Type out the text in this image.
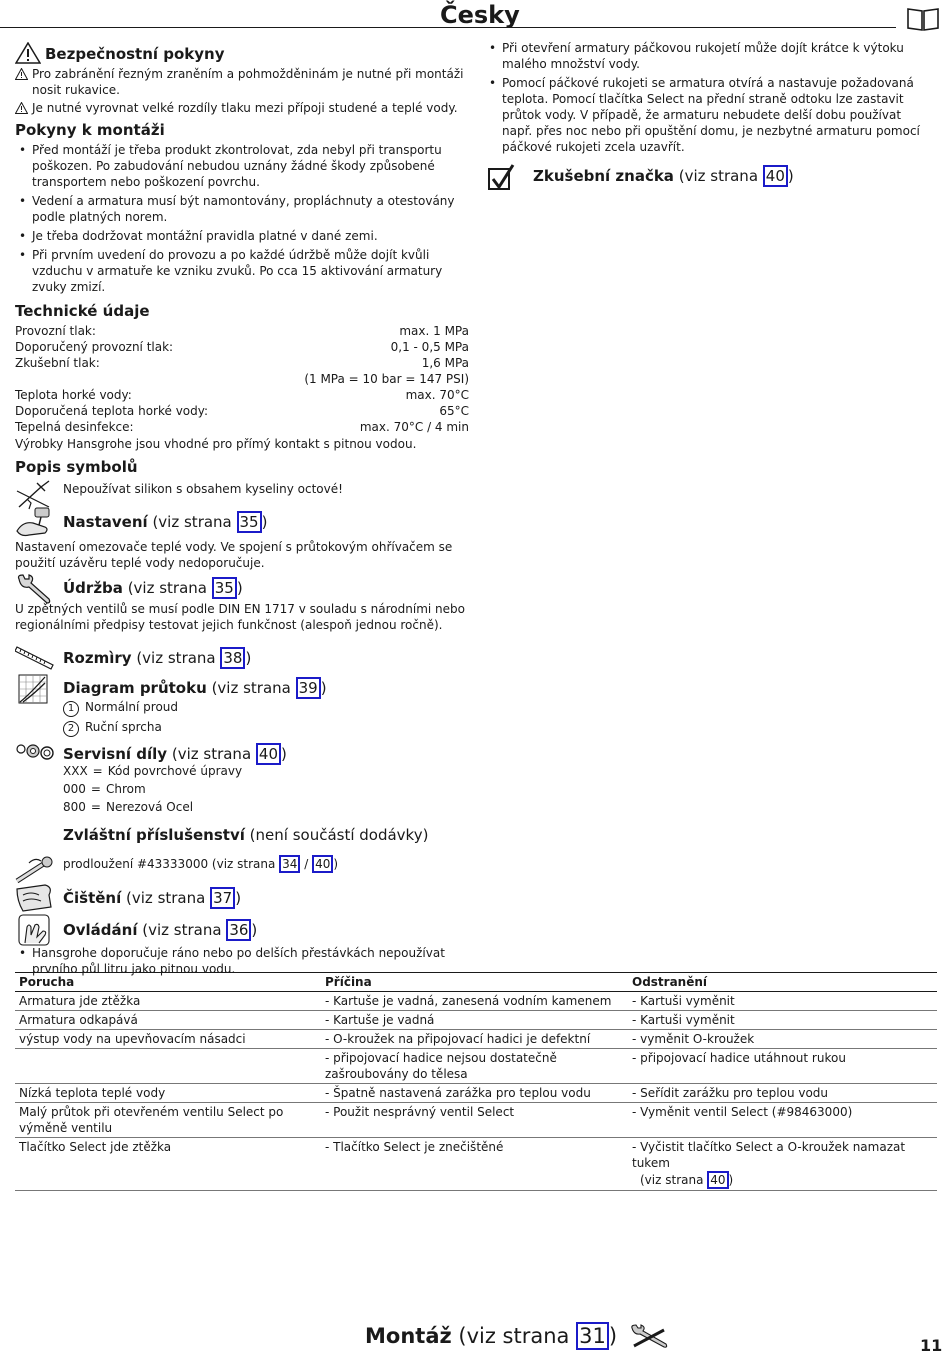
Česky
Bezpečnostní pokyny
Pro zabránění řezným zraněním a pohmožděninám je nutné při montáži nosit rukavice.
Je nutné vyrovnat velké rozdíly tlaku mezi přípoji studené a teplé vody.
Pokyny k montáži
• Před montáží je třeba produkt zkontrolovat, zda nebyl při transportu poškozen. Po zabudování nebudou uznány žádné škody způsobené transportem nebo poškození povrchu.
• Vedení a armatura musí být namontovány, propláchnuty a otestovány podle platných norem.
• Je třeba dodržovat montážní pravidla platné v dané zemi.
• Při prvním uvedení do provozu a po každé údržbě může dojít kvůli vzduchu v armatuře ke vzniku zvuků. Po cca 15 aktivování armatury zvuky zmizí.
Technické údaje
Provozní tlak:	max. 1 MPa
Doporučený provozní tlak:	0,1 - 0,5 MPa
Zkušební tlak:	1,6 MPa
(1 MPa = 10 bar = 147 PSI)
Teplota horké vody:	max. 70°C
Doporučená teplota horké vody:	65°C
Tepelná desinfekce:	max. 70°C / 4 min
Výrobky Hansgrohe jsou vhodné pro přímý kontakt s pitnou vodou.
Popis symbolů
Nepoužívat silikon s obsahem kyseliny octové!
Nastavení (viz strana 35 )
Nastavení omezovače teplé vody. Ve spojení s průtokovým ohřívačem se použití uzávěru teplé vody nedoporučuje.
Údržba (viz strana 35 )
U zpětných ventilů se musí podle DIN EN 1717 v souladu s národními nebo regionálními předpisy testovat jejich funkčnost (alespoň jednou ročně).
Rozmìry (viz strana 38 )
Diagram průtoku (viz strana 39 )
1 Normální proud
2 Ruční sprcha
Servisní díly (viz strana 40 )
XXX = Kód povrchové úpravy
000 = Chrom
800 = Nerezová Ocel
Zvláštní příslušenství (není součástí dodávky)
prodloužení #43333000 (viz strana 34 / 40 )
Čištění (viz strana 37 )
Ovládání (viz strana 36 )
• Hansgrohe doporučuje ráno nebo po delších přestávkách nepoužívat prvního půl litru jako pitnou vodu.
• Při otevření armatury páčkovou rukojetí může dojít krátce k výtoku malého množství vody.
• Pomocí páčkové rukojeti se armatura otvírá a nastavuje požadovaná teplota. Pomocí tlačítka Select na přední straně odtoku lze zastavit průtok vody. V případě, že armaturu nebudete delší dobu používat např. přes noc nebo při opuštění domu, je nezbytné armaturu pomocí páčkové rukojeti zcela uzavřít.
Zkušební značka (viz strana 40 )
Porucha	Příčina	Odstranění
Armatura jde ztěžka	- Kartuše je vadná, zanesená vodním kamenem	- Kartuši vyměnit
Armatura odkapává	- Kartuše je vadná	- Kartuši vyměnit
výstup vody na upevňovacím násadci	- O-kroužek na připojovací hadici je defektní	- vyměnit O-kroužek
	- připojovací hadice nejsou dostatečně zašroubovány do tělesa	- připojovací hadice utáhnout rukou
Nízká teplota teplé vody	- Špatně nastavená zarážka pro teplou vodu	- Seřídit zarážku pro teplou vodu
Malý průtok při otevřeném ventilu Select po výměně ventilu	- Použit nesprávný ventil Select	- Vyměnit ventil Select (#98463000)
Tlačítko Select jde ztěžka	- Tlačítko Select je znečištěné	- Vyčistit tlačítko Select a O-kroužek namazat tukem
(viz strana 40 )
Montáž (viz strana 31 )	11
